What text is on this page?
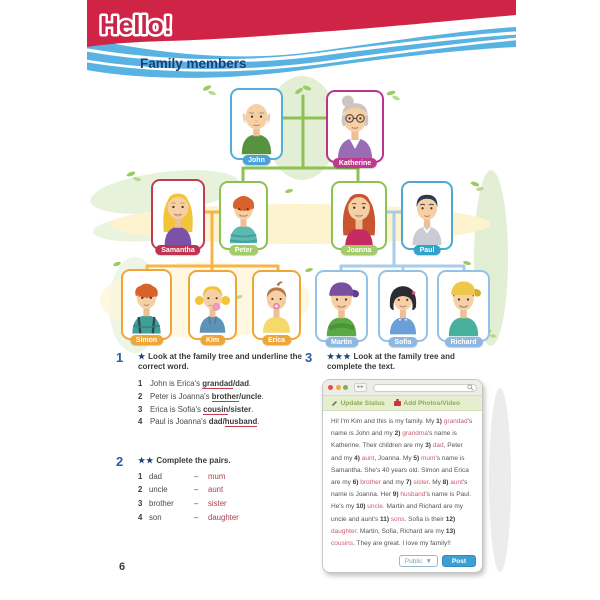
Hello!
Family members
John	Katherine
Samantha	Peter	Joanna	Paul
Simon	Kim	Erica	Martin	Sofia	Richard
1	★ Look at the family tree and underline the correct word.
1 John is Erica's grandad/dad.
2 Peter is Joanna's brother/uncle.
3 Erica is Sofia's cousin/sister.
4 Paul is Joanna's dad/husband.
2	★★ Complete the pairs.
1 dad	–	mum
2 uncle	–	aunt
3 brother	–	sister
4 son	–	daughter
3	★★★ Look at the family tree and complete the text.
◂ ▸
Update Status	Add Photos/Video
Hi! I'm Kim and this is my family. My 1) grandad's name is John and my 2) grandma's name is Katherine. Their children are my 3) dad, Peter and my 4) aunt, Joanna. My 5) mum's name is Samantha. She's 40 years old. Simon and Erica are my 6) brother and my 7) sister. My 8) aunt's name is Joanna. Her 9) husband's name is Paul. He's my 10) uncle. Martin and Richard are my uncle and aunt's 11) sons. Sofia is their 12) daughter. Martin, Sofia, Richard are my 13) cousins. They are great. I love my family!!
Public ▼	Post
6
